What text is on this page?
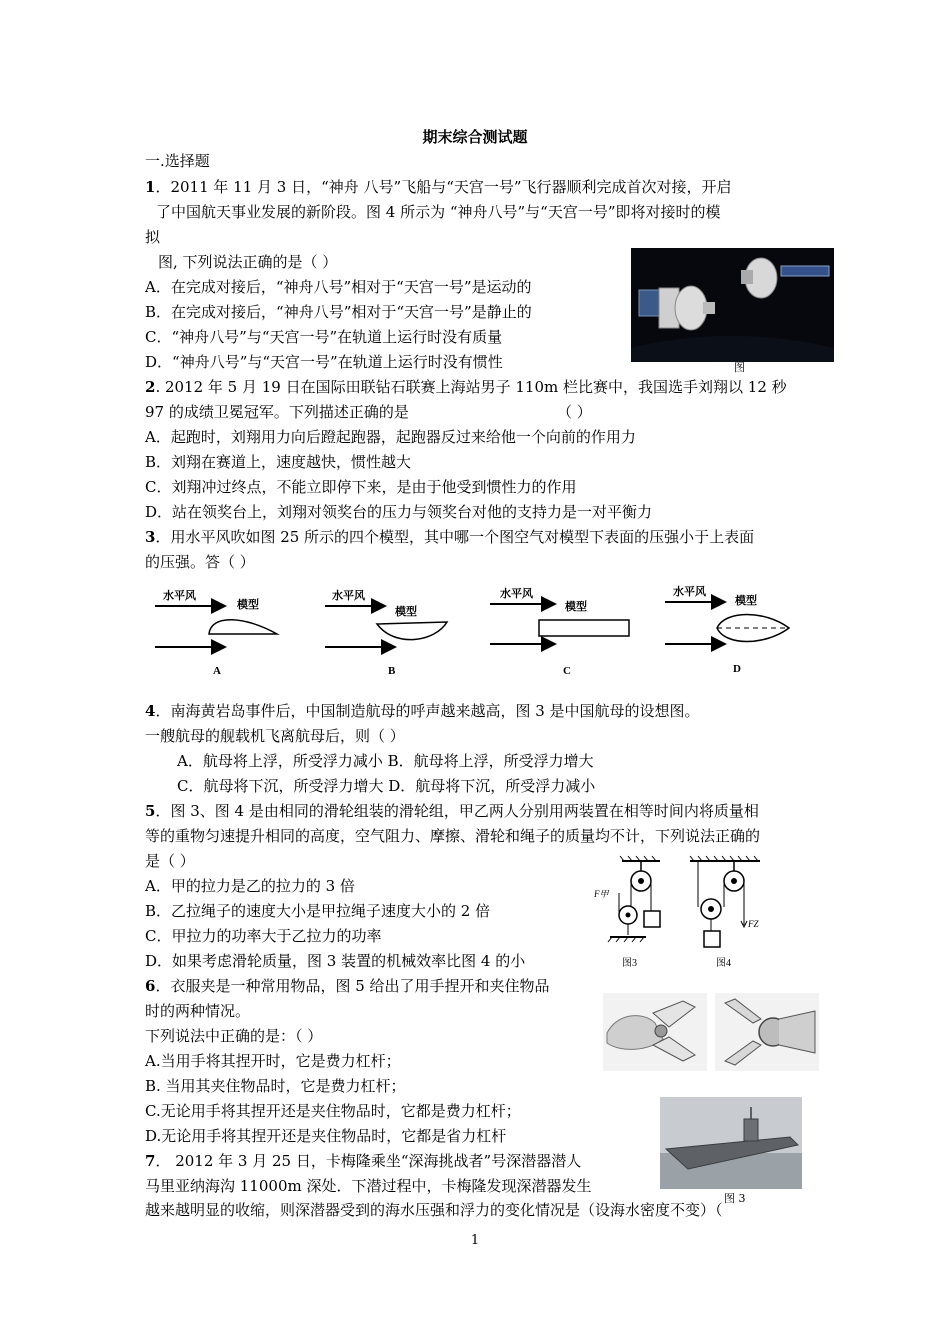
期末综合测试题
一.选择题
1．2011 年 11 月 3 日，“神舟 八号”飞船与“天宫一号”飞行器顺利完成首次对接，开启
了中国航天事业发展的新阶段。图 4 所示为 “神舟八号”与“天宫一号”即将对接时的模
拟
图, 下列说法正确的是（ ）
A．在完成对接后，“神舟八号”相对于“天宫一号”是运动的
B．在完成对接后，“神舟八号”相对于“天宫一号”是静止的
C．“神舟八号”与“天宫一号”在轨道上运行时没有质量
D．“神舟八号”与“天宫一号”在轨道上运行时没有惯性	图
2. 2012 年 5 月 19 日在国际田联钻石联赛上海站男子 110m 栏比赛中，我国选手刘翔以 12 秒
97 的成绩卫冕冠军。下列描述正确的是	（ ）
A．起跑时，刘翔用力向后蹬起跑器，起跑器反过来给他一个向前的作用力
B．刘翔在赛道上，速度越快，惯性越大
C．刘翔冲过终点，不能立即停下来，是由于他受到惯性力的作用
D．站在领奖台上，刘翔对领奖台的压力与领奖台对他的支持力是一对平衡力
3．用水平风吹如图 25 所示的四个模型，其中哪一个图空气对模型下表面的压强小于上表面
的压强。答（ ）
水平风
模型
A
水平风
模型
B
水平风
模型
C
水平风
模型
D
4．南海黄岩岛事件后，中国制造航母的呼声越来越高，图 3 是中国航母的设想图。
一艘航母的舰载机飞离航母后，则（ ）
A．航母将上浮，所受浮力减小 B．航母将上浮，所受浮力增大
C．航母将下沉，所受浮力增大 D．航母将下沉，所受浮力减小
5．图 3、图 4 是由相同的滑轮组装的滑轮组，甲乙两人分别用两装置在相等时间内将质量相
等的重物匀速提升相同的高度，空气阻力、摩擦、滑轮和绳子的质量均不计，下列说法正确的
是（ ）
A．甲的拉力是乙的拉力的 3 倍
B．乙拉绳子的速度大小是甲拉绳子速度大小的 2 倍
C．甲拉力的功率大于乙拉力的功率
D．如果考虑滑轮质量，图 3 装置的机械效率比图 4 的小
F甲
图3
FZ
图4
6．衣服夹是一种常用物品，图 5 给出了用手捏开和夹住物品
时的两种情况。
下列说法中正确的是：（ ）
A.当用手将其捏开时，它是费力杠杆；
B. 当用其夹住物品时，它是费力杠杆；
C.无论用手将其捏开还是夹住物品时，它都是费力杠杆；
D.无论用手将其捏开还是夹住物品时，它都是省力杠杆
图 3
7． 2012 年 3 月 25 日，卡梅隆乘坐“深海挑战者”号深潜器潜人
马里亚纳海沟 11000m 深处．下潜过程中，卡梅隆发现深潜器发生
越来越明显的收缩，则深潜器受到的海水压强和浮力的变化情况是（设海水密度不变）（
1
